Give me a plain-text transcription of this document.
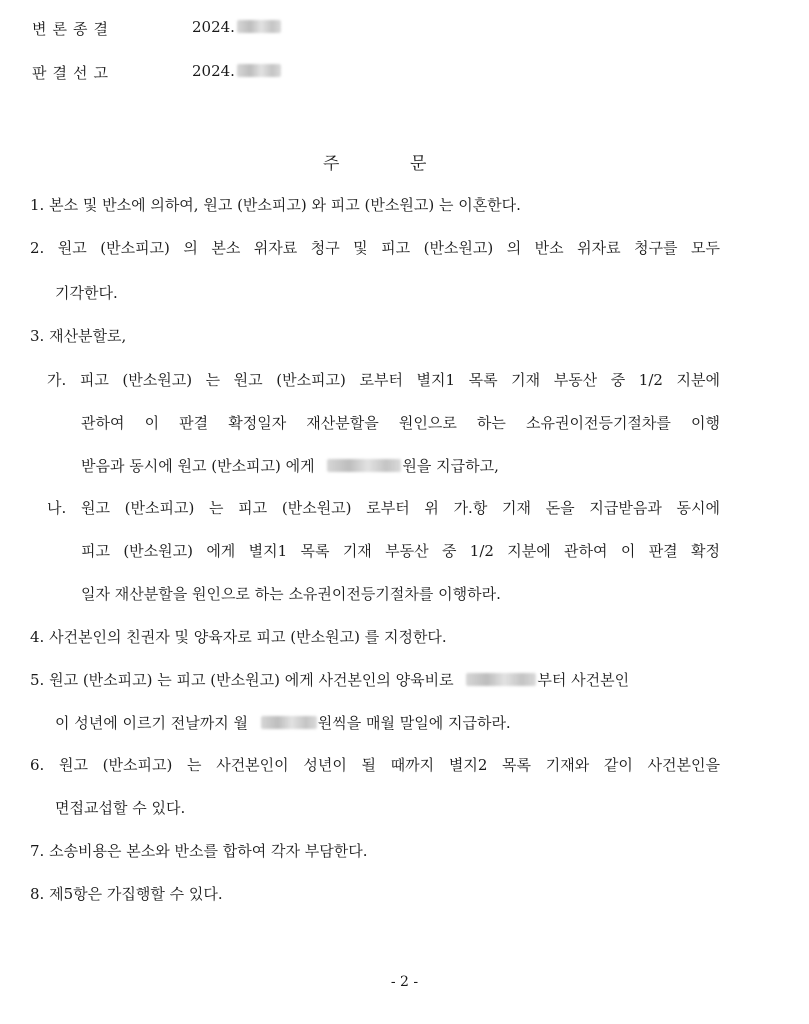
변론종결	2024.
판결선고	2024.
주	문
1. 본소 및 반소에 의하여, 원고 (반소피고) 와 피고 (반소원고) 는 이혼한다.
2. 원고 (반소피고) 의 본소 위자료 청구 및 피고 (반소원고) 의 반소 위자료 청구를 모두
기각한다.
3. 재산분할로,
가. 피고 (반소원고) 는 원고 (반소피고) 로부터 별지1 목록 기재 부동산 중 1/2 지분에
관하여 이 판결 확정일자 재산분할을 원인으로 하는 소유권이전등기절차를 이행
받음과 동시에 원고 (반소피고) 에게	원을 지급하고,
나. 원고 (반소피고) 는 피고 (반소원고) 로부터 위 가.항 기재 돈을 지급받음과 동시에
피고 (반소원고) 에게 별지1 목록 기재 부동산 중 1/2 지분에 관하여 이 판결 확정
일자 재산분할을 원인으로 하는 소유권이전등기절차를 이행하라.
4. 사건본인의 친권자 및 양육자로 피고 (반소원고) 를 지정한다.
5. 원고 (반소피고) 는 피고 (반소원고) 에게 사건본인의 양육비로	부터 사건본인
이 성년에 이르기 전날까지 월	원씩을 매월 말일에 지급하라.
6. 원고 (반소피고) 는 사건본인이 성년이 될 때까지 별지2 목록 기재와 같이 사건본인을
면접교섭할 수 있다.
7. 소송비용은 본소와 반소를 합하여 각자 부담한다.
8. 제5항은 가집행할 수 있다.
- 2 -
